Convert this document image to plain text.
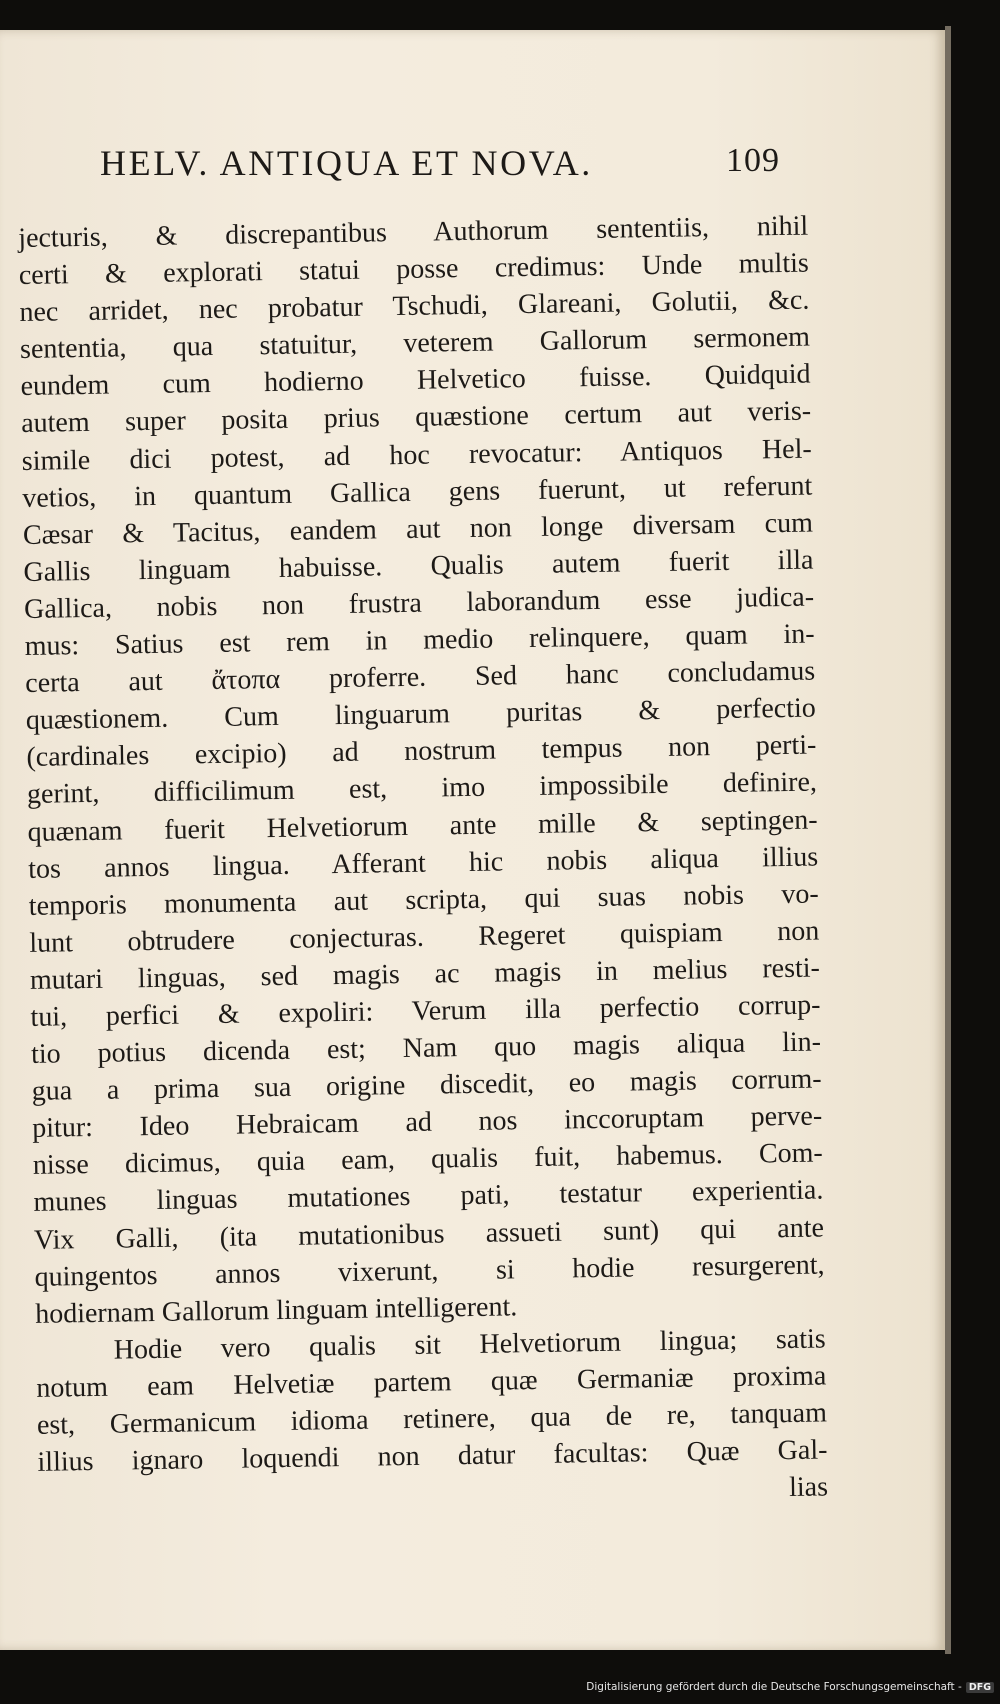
HELV. ANTIQUA ET NOVA.	109
jecturis, & discrepantibus Authorum sententiis, nihil
certi & explorati statui posse credimus: Unde multis
nec arridet, nec probatur Tschudi, Glareani, Golutii, &c.
sententia, qua statuitur, veterem Gallorum sermonem
eundem cum hodierno Helvetico fuisse. Quidquid
autem super posita prius quæstione certum aut veris-
simile dici potest, ad hoc revocatur: Antiquos Hel-
vetios, in quantum Gallica gens fuerunt, ut referunt
Cæsar & Tacitus, eandem aut non longe diversam cum
Gallis linguam habuisse. Qualis autem fuerit illa
Gallica, nobis non frustra laborandum esse judica-
mus: Satius est rem in medio relinquere, quam in-
certa aut ἄτοπα proferre. Sed hanc concludamus
quæstionem. Cum linguarum puritas & perfectio
(cardinales excipio) ad nostrum tempus non perti-
gerint, difficilimum est, imo impossibile definire,
quænam fuerit Helvetiorum ante mille & septingen-
tos annos lingua. Afferant hic nobis aliqua illius
temporis monumenta aut scripta, qui suas nobis vo-
lunt obtrudere conjecturas. Regeret quispiam non
mutari linguas, sed magis ac magis in melius resti-
tui, perfici & expoliri: Verum illa perfectio corrup-
tio potius dicenda est; Nam quo magis aliqua lin-
gua a prima sua origine discedit, eo magis corrum-
pitur: Ideo Hebraicam ad nos inccoruptam perve-
nisse dicimus, quia eam, qualis fuit, habemus. Com-
munes linguas mutationes pati, testatur experientia.
Vix Galli, (ita mutationibus assueti sunt) qui ante
quingentos annos vixerunt, si hodie resurgerent,
hodiernam Gallorum linguam intelligerent.
Hodie vero qualis sit Helvetiorum lingua; satis
notum eam Helvetiæ partem quæ Germaniæ proxima
est, Germanicum idioma retinere, qua de re, tanquam
illius ignaro loquendi non datur facultas: Quæ Gal-
lias
Digitalisierung gefördert durch die Deutsche Forschungsgemeinschaft - DFG
